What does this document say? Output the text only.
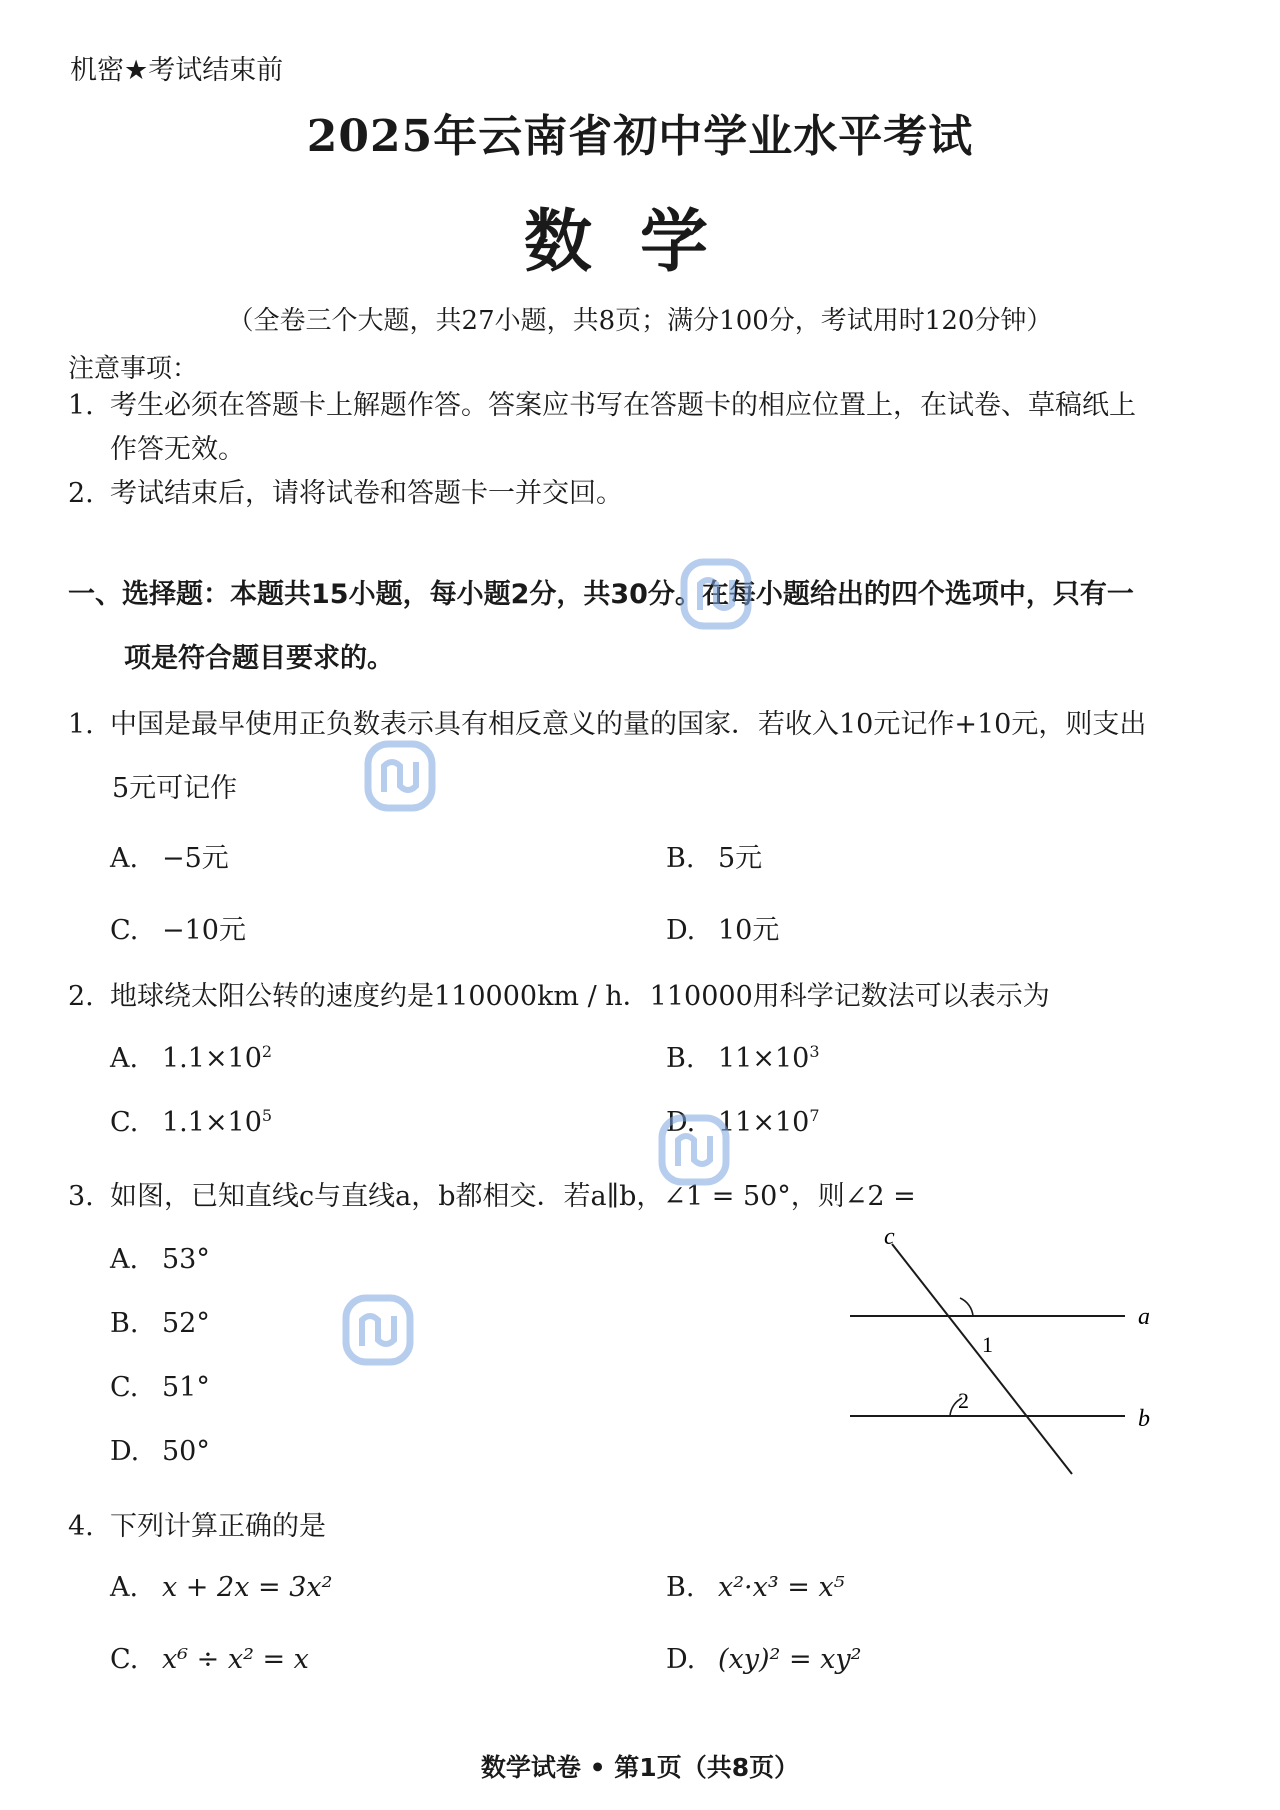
机密★考试结束前
2025年云南省初中学业水平考试
数学
（全卷三个大题，共27小题，共8页；满分100分，考试用时120分钟）
注意事项：
1. 考生必须在答题卡上解题作答。答案应书写在答题卡的相应位置上，在试卷、草稿纸上
作答无效。
2. 考试结束后，请将试卷和答题卡一并交回。
一、选择题：本题共15小题，每小题2分，共30分。在每小题给出的四个选项中，只有一
项是符合题目要求的。
1. 中国是最早使用正负数表示具有相反意义的量的国家．若收入10元记作+10元，则支出
5元可记作
A. −5元	B. 5元
C. −10元	D. 10元
2. 地球绕太阳公转的速度约是110000km / h．110000用科学记数法可以表示为
A. $1.1\times 10^2$	B. $11\times 10^3$
C. $1.1\times 10^5$	D. $11\times 10^7$
3. 如图，已知直线c与直线a，b都相交．若a∥b，∠1 = 50°，则∠2 =
A. 53°
B. 52°
C. 51°
D. 50°
c
a
b
1
2
4. 下列计算正确的是
A. x + 2x = 3x²	B. x²·x³ = x⁵
C. x⁶ ÷ x² = x	D. (xy)² = xy²
数学试卷 • 第1页（共8页）
